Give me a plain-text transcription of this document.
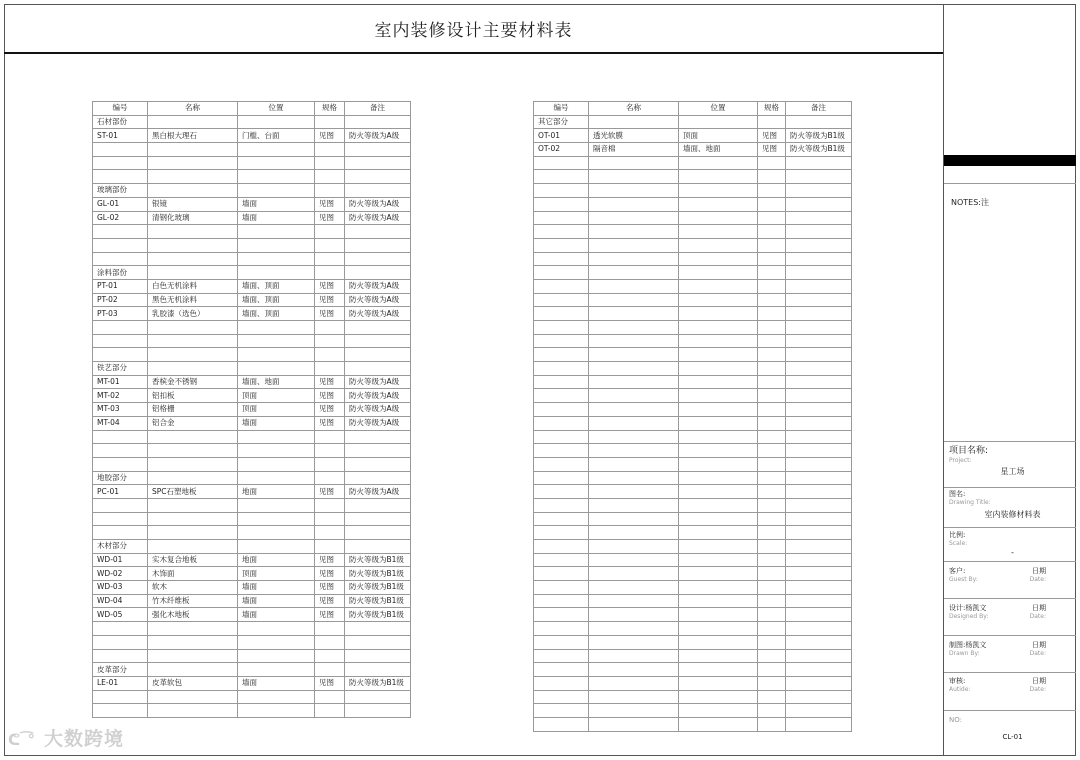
室内装修设计主要材料表
编号	名称	位置	规格	备注
石材部份				
ST-01	黑白根大理石	门槛、台面	见图	防火等级为A级

玻璃部份				
GL-01	银镜	墙面	见图	防火等级为A级
GL-02	清钢化玻璃	墙面	见图	防火等级为A级

涂料部份				
PT-01	白色无机涂料	墙面、顶面	见图	防火等级为A级
PT-02	黑色无机涂料	墙面、顶面	见图	防火等级为A级
PT-03	乳胶漆（选色）	墙面、顶面	见图	防火等级为A级

铁艺部分				
MT-01	香槟金不锈钢	墙面、地面	见图	防火等级为A级
MT-02	铝扣板	顶面	见图	防火等级为A级
MT-03	铝格栅	顶面	见图	防火等级为A级
MT-04	铝合金	墙面	见图	防火等级为A级

地胶部分				
PC-01	SPC石塑地板	地面	见图	防火等级为A级

木材部分				
WD-01	实木复合地板	地面	见图	防火等级为B1级
WD-02	木饰面	顶面	见图	防火等级为B1级
WD-03	软木	墙面	见图	防火等级为B1级
WD-04	竹木纤维板	墙面	见图	防火等级为B1级
WD-05	强化木地板	墙面	见图	防火等级为B1级

皮革部分				
LE-01	皮革软包	墙面	见图	防火等级为B1级

编号	名称	位置	规格	备注
其它部分				
OT-01	透光软膜	顶面	见图	防火等级为B1级
OT-02	隔音棉	墙面、地面	见图	防火等级为B1级

NOTES:注
项目名称:
Project:
星工场
图名:
Drawing Title:
室内装修材料表
比例:
Scale:
-
客户:	日期
Guest By:	Date:
设计:杨凯文	日期
Designed By:	Date:
制图:杨凯文	日期
Drawn By:	Date:
审核:	日期
Autide:	Date:
NO:
CL-01
ᕦ ͡°大数跨境
